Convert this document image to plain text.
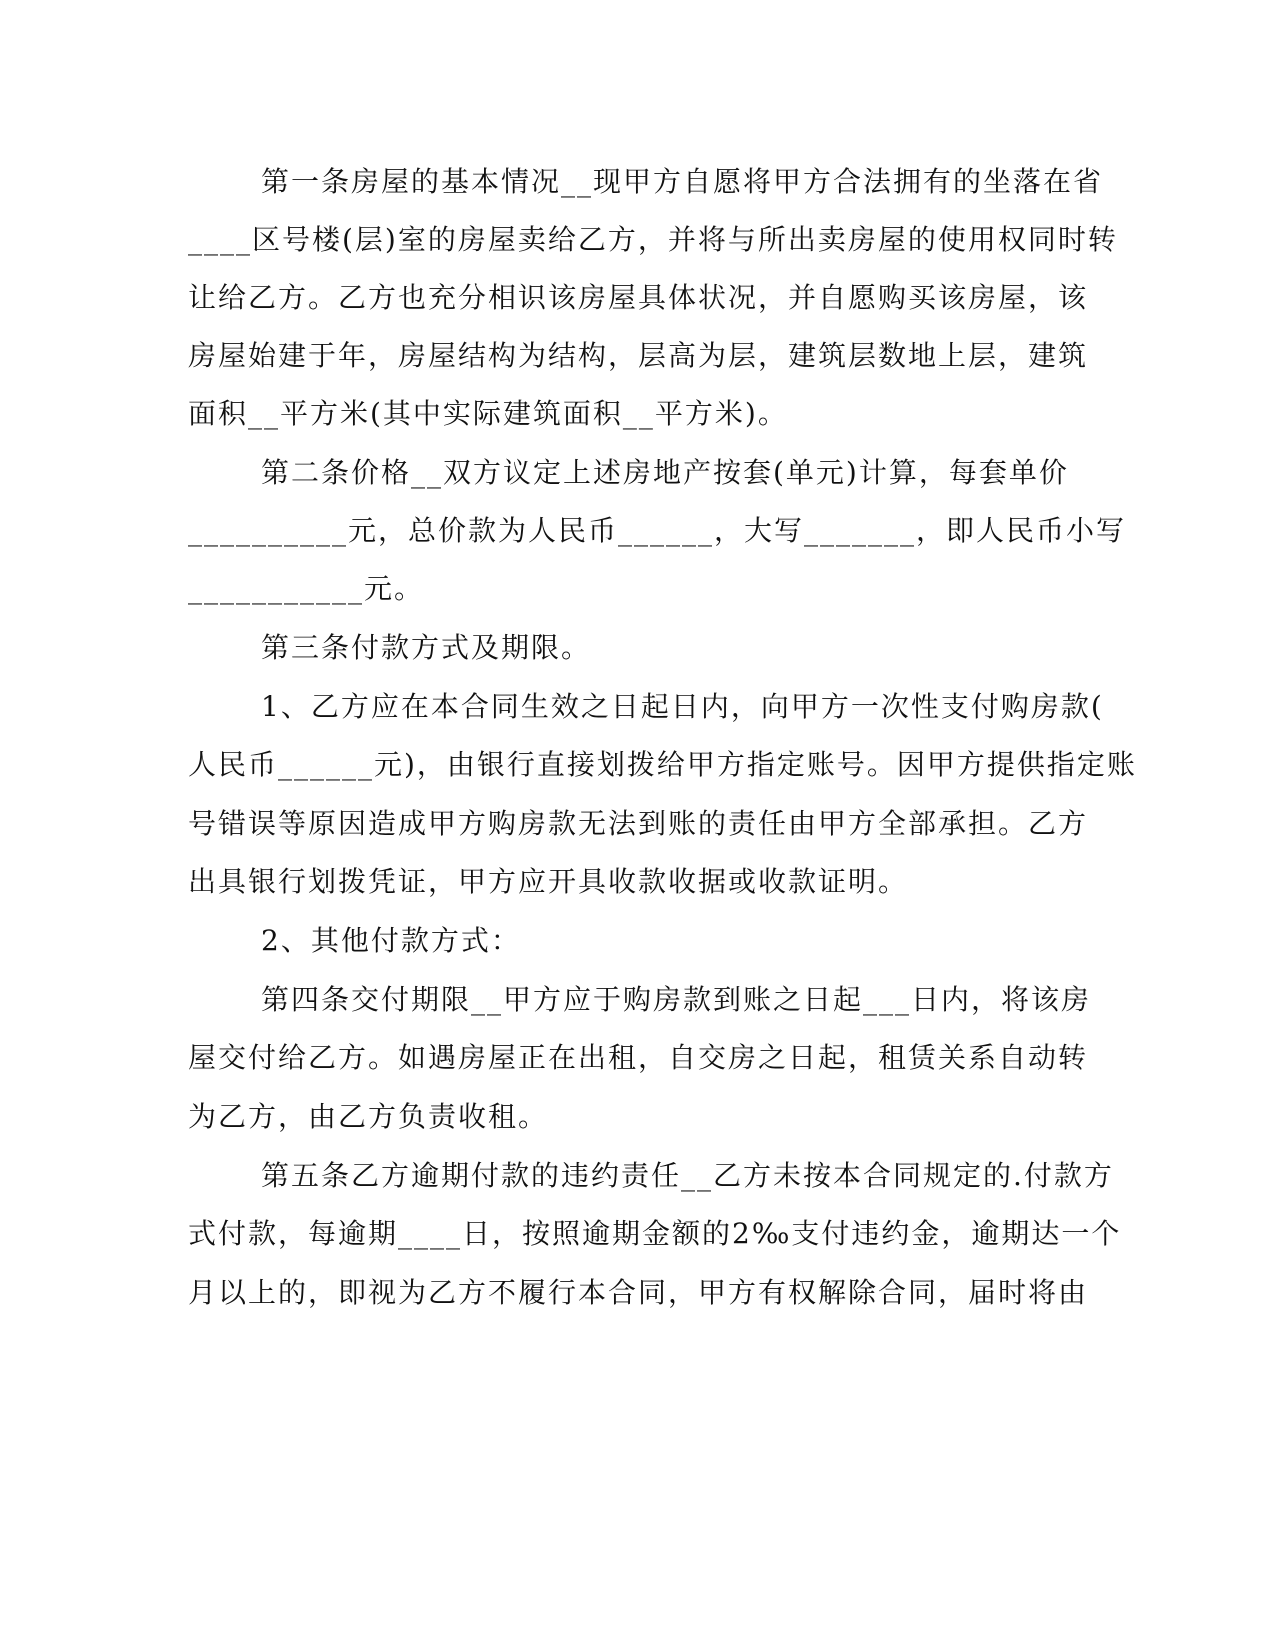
第一条房屋的基本情况__现甲方自愿将甲方合法拥有的坐落在省

____区号楼(层)室的房屋卖给乙方，并将与所出卖房屋的使用权同时转

让给乙方。乙方也充分相识该房屋具体状况，并自愿购买该房屋，该

房屋始建于年，房屋结构为结构，层高为层，建筑层数地上层，建筑

面积__平方米(其中实际建筑面积__平方米)。

第二条价格__双方议定上述房地产按套(单元)计算，每套单价

__________元，总价款为人民币______，大写_______，即人民币小写

___________元。

第三条付款方式及期限。

1、乙方应在本合同生效之日起日内，向甲方一次性支付购房款(

人民币______元)，由银行直接划拨给甲方指定账号。因甲方提供指定账

号错误等原因造成甲方购房款无法到账的责任由甲方全部承担。乙方

出具银行划拨凭证，甲方应开具收款收据或收款证明。

2、其他付款方式：

第四条交付期限__甲方应于购房款到账之日起___日内，将该房

屋交付给乙方。如遇房屋正在出租，自交房之日起，租赁关系自动转

为乙方，由乙方负责收租。

第五条乙方逾期付款的违约责任__乙方未按本合同规定的.付款方

式付款，每逾期____日，按照逾期金额的2‰支付违约金，逾期达一个

月以上的，即视为乙方不履行本合同，甲方有权解除合同，届时将由
